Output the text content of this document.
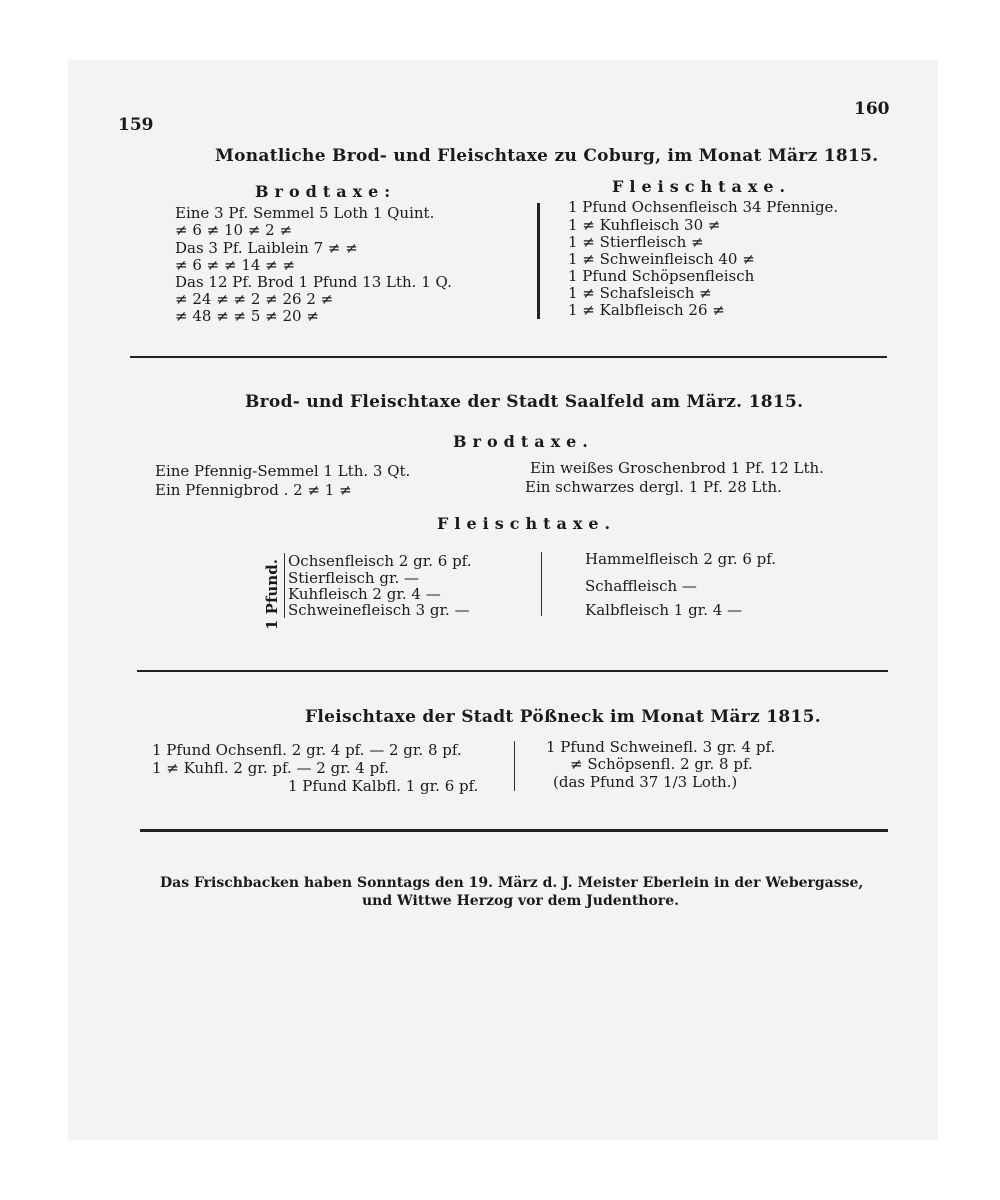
159
160
Monatliche Brod- und Fleischtaxe zu Coburg, im Monat März 1815.
Brodtaxe:	Fleischtaxe.
Eine 3 Pf. Semmel 5 Loth 1 Quint.
≠ 6 ≠ 10 ≠ 2 ≠
Das 3 Pf. Laiblein 7 ≠ ≠
≠ 6 ≠ ≠ 14 ≠ ≠
Das 12 Pf. Brod 1 Pfund 13 Lth. 1 Q.
≠ 24 ≠ ≠ 2 ≠ 26 2 ≠
≠ 48 ≠ ≠ 5 ≠ 20 ≠
1 Pfund Ochsenfleisch 34 Pfennige.
1 ≠ Kuhfleisch 30 ≠
1 ≠ Stierfleisch ≠
1 ≠ Schweinfleisch 40 ≠
1 Pfund Schöpsenfleisch
1 ≠ Schafsleisch ≠
1 ≠ Kalbfleisch 26 ≠
Brod- und Fleischtaxe der Stadt Saalfeld am März. 1815.
Brodtaxe.
Eine Pfennig-Semmel 1 Lth. 3 Qt.
Ein Pfennigbrod . 2 ≠ 1 ≠
Ein weißes Groschenbrod 1 Pf. 12 Lth.
Ein schwarzes dergl. 1 Pf. 28 Lth.
Fleischtaxe.
1 Pfund. Ochsenfleisch 2 gr. 6 pf.
Stierfleisch gr. —
Kuhfleisch 2 gr. 4 —
Schweinefleisch 3 gr. —
Hammelfleisch 2 gr. 6 pf.
Schaffleisch —
Kalbfleisch 1 gr. 4 —
Fleischtaxe der Stadt Pößneck im Monat März 1815.
1 Pfund Ochsenfl. 2 gr. 4 pf. — 2 gr. 8 pf.
1 ≠ Kuhfl. 2 gr. pf. — 2 gr. 4 pf.
1 Pfund Kalbfl. 1 gr. 6 pf.
1 Pfund Schweinefl. 3 gr. 4 pf.
≠ Schöpsenfl. 2 gr. 8 pf.
(das Pfund 37 1/3 Loth.)
Das Frischbacken haben Sonntags den 19. März d. J. Meister Eberlein in der Webergasse,
und Wittwe Herzog vor dem Judenthore.
